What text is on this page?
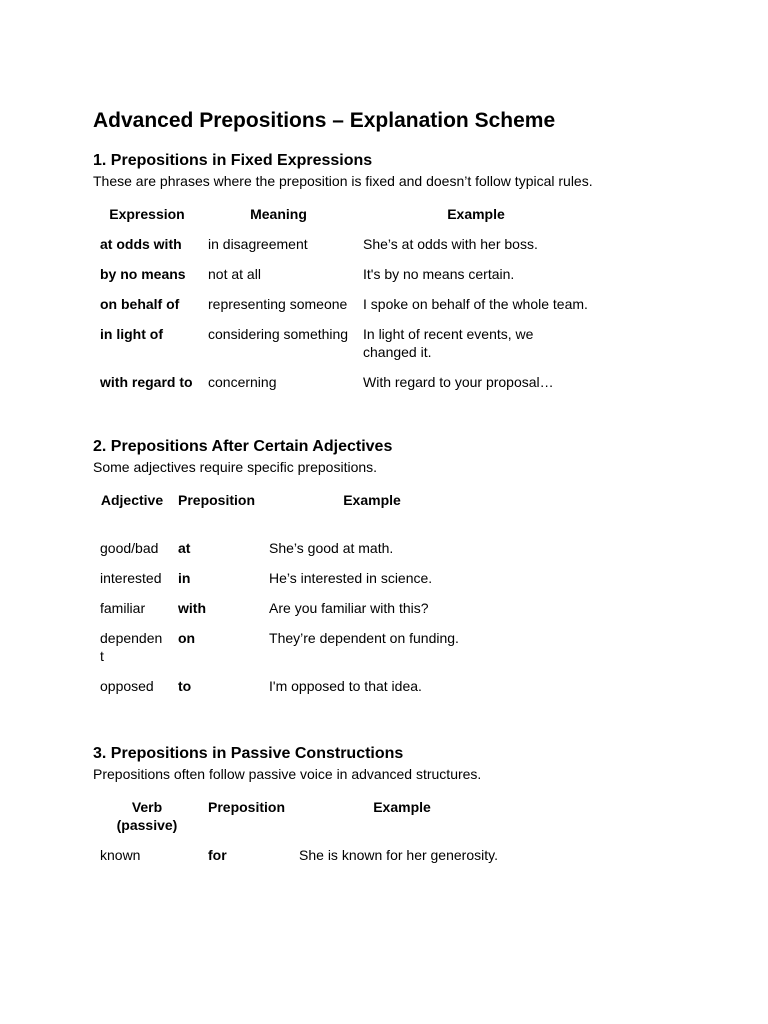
Advanced Prepositions – Explanation Scheme
1. Prepositions in Fixed Expressions

These are phrases where the preposition is fixed and doesn’t follow typical rules.

Expression	Meaning	Example
at odds with	in disagreement	She’s at odds with her boss.
by no means	not at all	It's by no means certain.
on behalf of	representing someone	I spoke on behalf of the whole team.
in light of	considering something	In light of recent events, we changed it.
with regard to	concerning	With regard to your proposal…
2. Prepositions After Certain Adjectives

Some adjectives require specific prepositions.

Adjective	Preposition	Example
good/bad	at	She’s good at math.
interested	in	He’s interested in science.
familiar	with	Are you familiar with this?
dependent	on	They’re dependent on funding.
opposed	to	I'm opposed to that idea.
3. Prepositions in Passive Constructions

Prepositions often follow passive voice in advanced structures.

Verb (passive)	Preposition	Example
known	for	She is known for her generosity.
